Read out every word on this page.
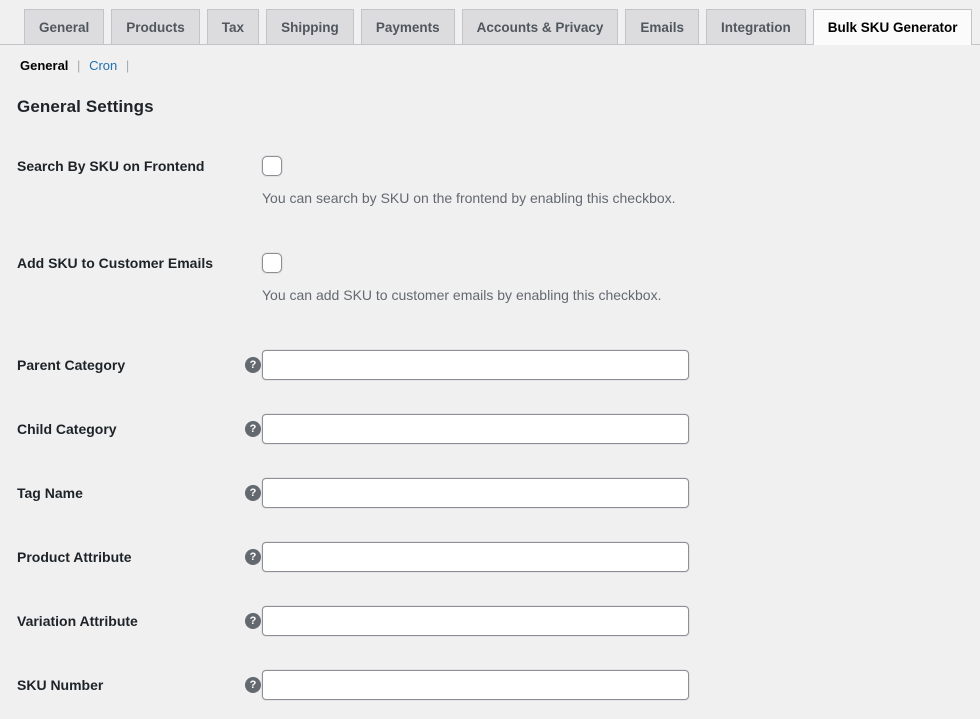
General	Products	Tax	Shipping	Payments	Accounts & Privacy	Emails	Integration	Bulk SKU Generator
General | Cron |
General Settings
Search By SKU on Frontend

You can search by SKU on the frontend by enabling this checkbox.

Add SKU to Customer Emails

You can add SKU to customer emails by enabling this checkbox.

Parent Category	?
Child Category	?
Tag Name	?
Product Attribute	?
Variation Attribute	?
SKU Number	?
